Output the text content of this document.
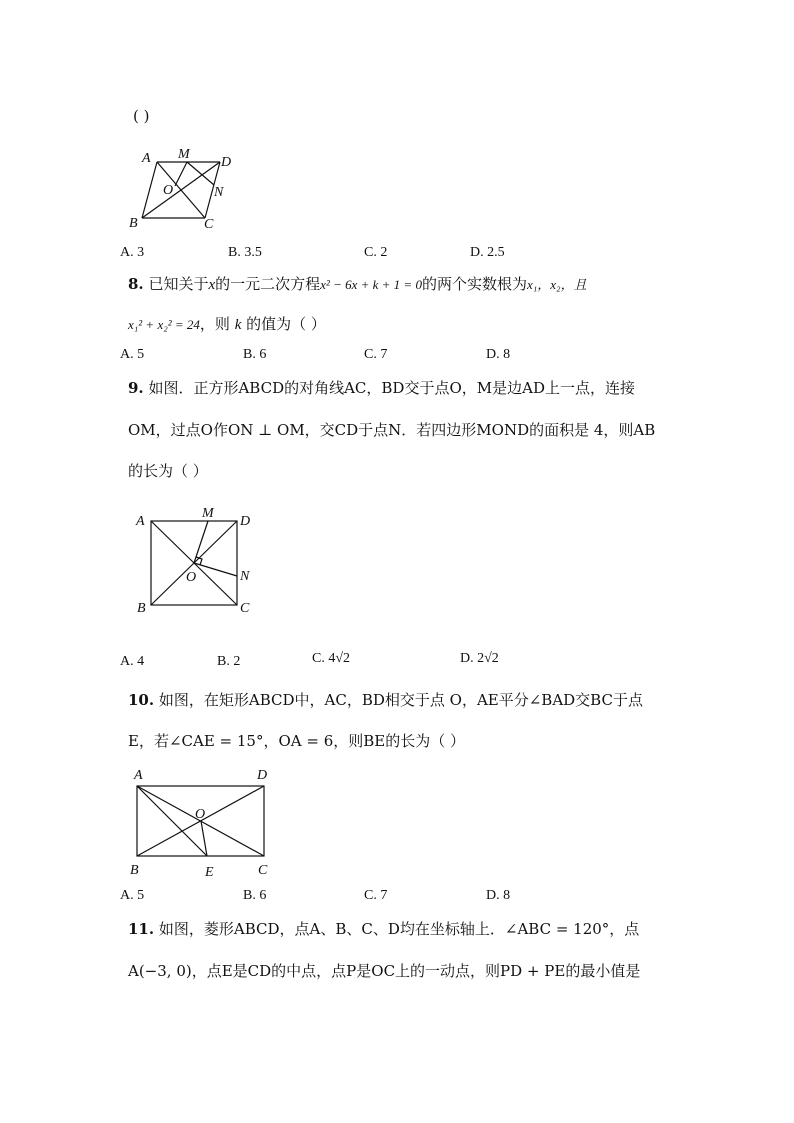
( )
A M
D
O	N
B	C
A. 3	B. 3.5	C. 2	D. 2.5
8. 已知关于x的一元二次方程x² − 6x + k + 1 = 0的两个实数根为x₁，x₂，且
x₁² + x₂² = 24，则 k 的值为（ ）
A. 5	B. 6	C. 7	D. 8
9. 如图．正方形ABCD的对角线AC，BD交于点O，M是边AD上一点，连接
OM，过点O作ON ⊥ OM，交CD于点N．若四边形MOND的面积是 4，则AB
的长为（ ）
A
M
D
O	N
B	C
A. 4	B. 2	C. 4√2	D. 2√2
10. 如图，在矩形ABCD中，AC，BD相交于点 O，AE平分∠BAD交BC于点
E，若∠CAE = 15°，OA = 6，则BE的长为（ ）
A	D
O
B	E	C
A. 5	B. 6	C. 7	D. 8
11. 如图，菱形ABCD，点A、B、C、D均在坐标轴上．∠ABC = 120°，点
A(−3, 0)，点E是CD的中点，点P是OC上的一动点，则PD + PE的最小值是
